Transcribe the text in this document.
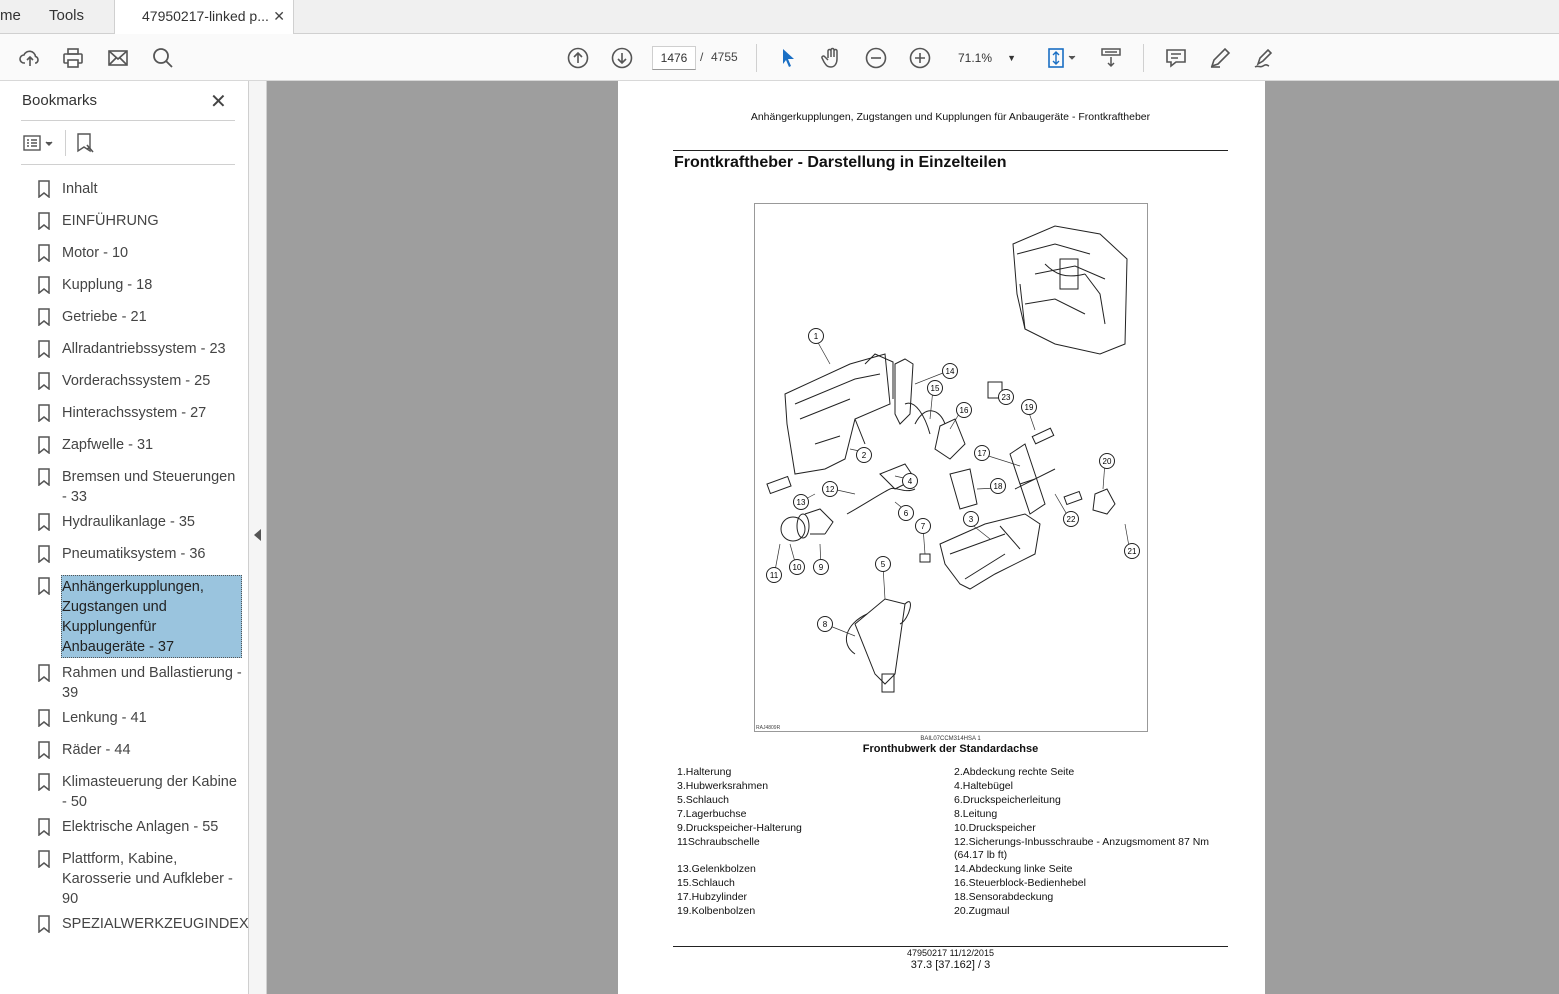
me	Tools	47950217-linked p... ✕
1476	/ 4755	71.1% ▼
Bookmarks	✕
Inhalt
EINFÜHRUNG
Motor - 10
Kupplung - 18
Getriebe - 21
Allradantriebssystem - 23
Vorderachssystem - 25
Hinterachssystem - 27
Zapfwelle - 31
Bremsen und Steuerungen - 33
Hydraulikanlage - 35
Pneumatiksystem - 36
Anhängerkupplungen, Zugstangen und Kupplungenfür Anbaugeräte - 37
Rahmen und Ballastierung - 39
Lenkung - 41
Räder - 44
Klimasteuerung der Kabine - 50
Elektrische Anlagen - 55
Plattform, Kabine, Karosserie und Aufkleber - 90
SPEZIALWERKZEUGINDEX
Anhängerkupplungen, Zugstangen und Kupplungen für Anbaugeräte - Frontkraftheber
Frontkraftheber - Darstellung in Einzelteilen
1
2
3
4
5
6
7
8
9
10
11
12
13
14
15
16
17
18
19
20
21
22
23
RAJ4809R
BAIL07CCM314HSA 1
Fronthubwerk der Standardachse
1.Halterung	2.Abdeckung rechte Seite
3.Hubwerksrahmen	4.Haltebügel
5.Schlauch	6.Druckspeicherleitung
7.Lagerbuchse	8.Leitung
9.Druckspeicher-Halterung	10.Druckspeicher
11Schraubschelle	12.Sicherungs-Inbusschraube - Anzugsmoment 87 Nm (64.17 lb ft)
13.Gelenkbolzen	14.Abdeckung linke Seite
15.Schlauch	16.Steuerblock-Bedienhebel
17.Hubzylinder	18.Sensorabdeckung
19.Kolbenbolzen	20.Zugmaul
47950217 11/12/2015
37.3 [37.162] / 3
